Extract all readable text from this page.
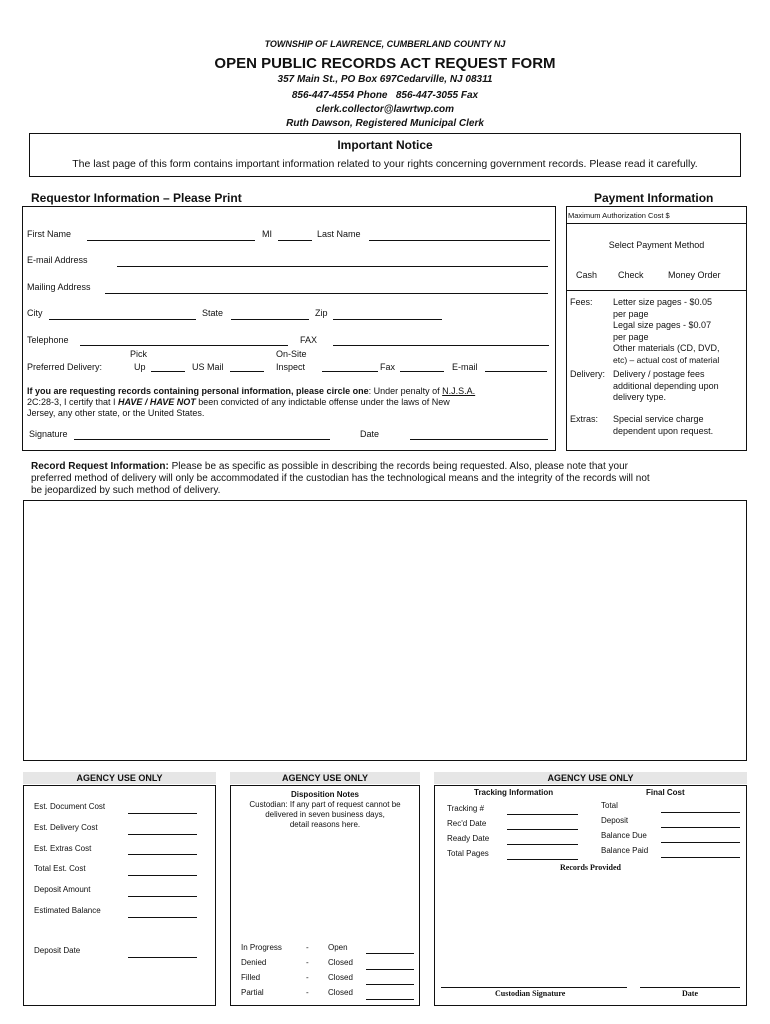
TOWNSHIP OF LAWRENCE, CUMBERLAND COUNTY NJ
OPEN PUBLIC RECORDS ACT REQUEST FORM
357 Main St., PO Box 697Cedarville, NJ 08311
856-447-4554 Phone   856-447-3055 Fax
clerk.collector@lawrtwp.com
Ruth Dawson, Registered Municipal Clerk
Important Notice
The last page of this form contains important information related to your rights concerning government records. Please read it carefully.
Requestor Information – Please Print
First Name	MI	Last Name
E-mail Address
Mailing Address
City	State	Zip
Telephone	FAX
Pick	On-Site
Preferred Delivery:	Up	US Mail	Inspect	Fax	E-mail
If you are requesting records containing personal information, please circle one: Under penalty of N.J.S.A.
2C:28-3, I certify that I HAVE / HAVE NOT been convicted of any indictable offense under the laws of New
Jersey, any other state, or the United States.
Signature	Date
Payment Information
Maximum Authorization Cost $
Select Payment Method
Cash Check	Money Order
Fees: Letter size pages - $0.05
per page
Legal size pages - $0.07
per page
Other materials (CD, DVD,
etc) – actual cost of material
Delivery: Delivery / postage fees
additional depending upon
delivery type.
Extras: Special service charge
dependent upon request.
Record Request Information: Please be as specific as possible in describing the records being requested. Also, please note that your
preferred method of delivery will only be accommodated if the custodian has the technological means and the integrity of the records will not
be jeopardized by such method of delivery.
AGENCY USE ONLY
Est. Document Cost
Est. Delivery Cost
Est. Extras Cost
Total Est. Cost
Deposit Amount
Estimated Balance
Deposit Date
AGENCY USE ONLY
Disposition Notes
Custodian: If any part of request cannot be
delivered in seven business days,
detail reasons here.
In Progress	- Open
Denied	- Closed
Filled	- Closed
Partial	- Closed
AGENCY USE ONLY
Tracking Information	Final Cost
Tracking #
Rec'd Date
Ready Date
Total Pages
Total
Deposit
Balance Due
Balance Paid
Records Provided
Custodian Signature	Date
